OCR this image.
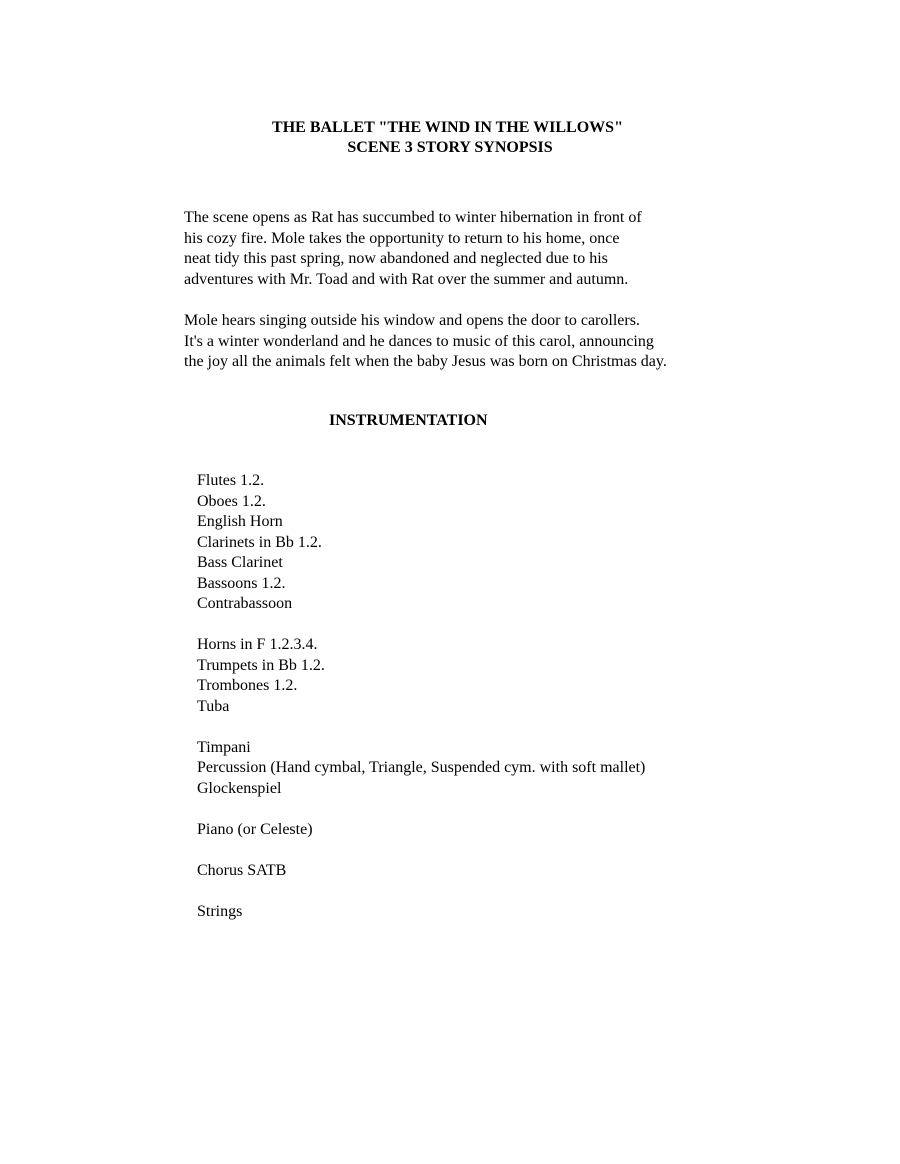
THE BALLET "THE WIND IN THE WILLOWS"
SCENE 3 STORY SYNOPSIS
The scene opens as Rat has succumbed to winter hibernation in front of
his cozy fire. Mole takes the opportunity to return to his home, once
neat tidy this past spring, now abandoned and neglected due to his
adventures with Mr. Toad and with Rat over the summer and autumn.
Mole hears singing outside his window and opens the door to carollers.
It's a winter wonderland and he dances to music of this carol, announcing
the joy all the animals felt when the baby Jesus was born on Christmas day.
INSTRUMENTATION
Flutes 1.2.
Oboes 1.2.
English Horn
Clarinets in Bb 1.2.
Bass Clarinet
Bassoons 1.2.
Contrabassoon
Horns in F 1.2.3.4.
Trumpets in Bb 1.2.
Trombones 1.2.
Tuba
Timpani
Percussion (Hand cymbal, Triangle, Suspended cym. with soft mallet)
Glockenspiel
Piano (or Celeste)
Chorus SATB
Strings
